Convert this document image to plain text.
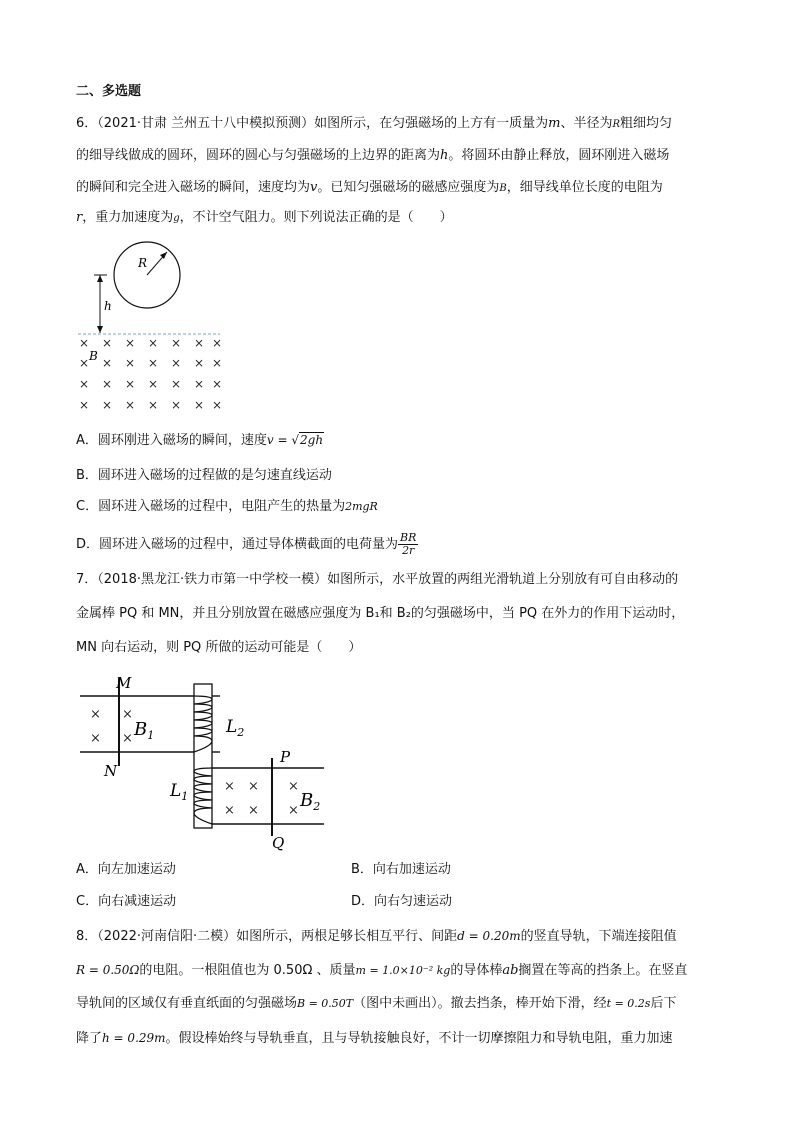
二、多选题
6．（2021·甘肃 兰州五十八中模拟预测）如图所示，在匀强磁场的上方有一质量为m、半径为R粗细均匀
的细导线做成的圆环，圆环的圆心与匀强磁场的上边界的距离为h。将圆环由静止释放，圆环刚进入磁场
的瞬间和完全进入磁场的瞬间，速度均为v。已知匀强磁场的磁感应强度为B，细导线单位长度的电阻为
r，重力加速度为g，不计空气阻力。则下列说法正确的是（　　）
R
h
× × × × × × ×
× × × × × × ×
× × × × × × ×
× × × × × × ×
B
A．圆环刚进入磁场的瞬间，速度v = √2gh
B．圆环进入磁场的过程做的是匀速直线运动
C．圆环进入磁场的过程中，电阻产生的热量为2mgR
D．圆环进入磁场的过程中，通过导体横截面的电荷量为 $\frac{BR}{2r}$
7．（2018·黑龙江·铁力市第一中学校一模）如图所示，水平放置的两组光滑轨道上分别放有可自由移动的
金属棒 PQ 和 MN，并且分别放置在磁感应强度为 B₁和 B₂的匀强磁场中，当 PQ 在外力的作用下运动时，
MN 向右运动，则 PQ 所做的运动可能是（　　）
M
N
×
×
×
× $B_1$	$L_2$
$L_1$
P
Q
×
×
×
×
×
× $B_2$
A．向左加速运动	B．向右加速运动
C．向右减速运动	D．向右匀速运动
8．（2022·河南信阳·二模）如图所示，两根足够长相互平行、间距d = 0.20m的竖直导轨，下端连接阻值
R = 0.50Ω的电阻。一根阻值也为 0.50Ω 、质量m = 1.0×10⁻² kg的导体棒ab搁置在等高的挡条上。在竖直
导轨间的区域仅有垂直纸面的匀强磁场B = 0.50T（图中未画出）。撤去挡条，棒开始下滑，经t = 0.2s后下
降了h = 0.29m。假设棒始终与导轨垂直，且与导轨接触良好，不计一切摩擦阻力和导轨电阻，重力加速
